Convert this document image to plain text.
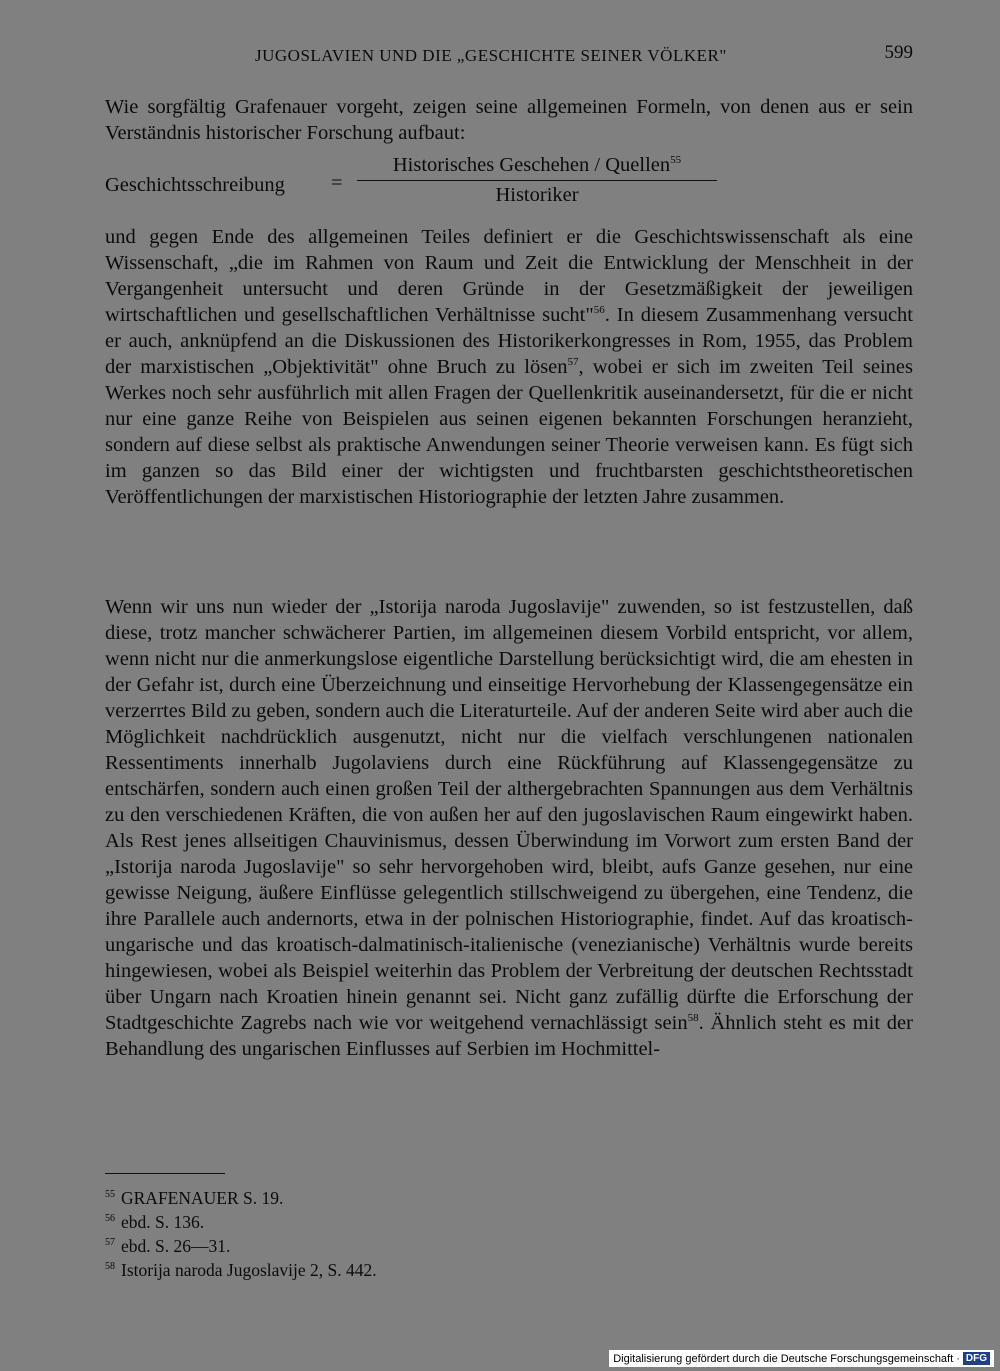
JUGOSLAVIEN UND DIE „GESCHICHTE SEINER VÖLKER"	599

Wie sorgfältig Grafenauer vorgeht, zeigen seine allgemeinen Formeln, von denen aus er sein Verständnis historischer Forschung aufbaut:

Geschichtsschreibung =
Historisches Geschehen / Quellen$^{55}$
Historiker

und gegen Ende des allgemeinen Teiles definiert er die Geschichtswissenschaft als eine Wissenschaft, „die im Rahmen von Raum und Zeit die Entwicklung der Menschheit in der Vergangenheit untersucht und deren Gründe in der Gesetzmäßigkeit der jeweiligen wirtschaftlichen und gesellschaftlichen Verhältnisse sucht"$^{56}$. In diesem Zusammenhang versucht er auch, anknüpfend an die Diskussionen des Historikerkongresses in Rom, 1955, das Problem der marxistischen „Objektivität" ohne Bruch zu lösen$^{57}$, wobei er sich im zweiten Teil seines Werkes noch sehr ausführlich mit allen Fragen der Quellenkritik auseinandersetzt, für die er nicht nur eine ganze Reihe von Beispielen aus seinen eigenen bekannten Forschungen heranzieht, sondern auf diese selbst als praktische Anwendungen seiner Theorie verweisen kann. Es fügt sich im ganzen so das Bild einer der wichtigsten und fruchtbarsten geschichtstheoretischen Veröffentlichungen der marxistischen Historiographie der letzten Jahre zusammen.

Wenn wir uns nun wieder der „Istorija naroda Jugoslavije" zuwenden, so ist festzustellen, daß diese, trotz mancher schwächerer Partien, im allgemeinen diesem Vorbild entspricht, vor allem, wenn nicht nur die anmerkungslose eigentliche Darstellung berücksichtigt wird, die am ehesten in der Gefahr ist, durch eine Überzeichnung und einseitige Hervorhebung der Klassengegensätze ein verzerrtes Bild zu geben, sondern auch die Literaturteile. Auf der anderen Seite wird aber auch die Möglichkeit nachdrücklich ausgenutzt, nicht nur die vielfach verschlungenen nationalen Ressentiments innerhalb Jugolaviens durch eine Rückführung auf Klassengegensätze zu entschärfen, sondern auch einen großen Teil der althergebrachten Spannungen aus dem Verhältnis zu den verschiedenen Kräften, die von außen her auf den jugoslavischen Raum eingewirkt haben. Als Rest jenes allseitigen Chauvinismus, dessen Überwindung im Vorwort zum ersten Band der „Istorija naroda Jugoslavije" so sehr hervorgehoben wird, bleibt, aufs Ganze gesehen, nur eine gewisse Neigung, äußere Einflüsse gelegentlich stillschweigend zu übergehen, eine Tendenz, die ihre Parallele auch andernorts, etwa in der polnischen Historiographie, findet. Auf das kroatisch-ungarische und das kroatisch-dalmatinisch-italienische (venezianische) Verhältnis wurde bereits hingewiesen, wobei als Beispiel weiterhin das Problem der Verbreitung der deutschen Rechtsstadt über Ungarn nach Kroatien hinein genannt sei. Nicht ganz zufällig dürfte die Erforschung der Stadtgeschichte Zagrebs nach wie vor weitgehend vernachlässigt sein$^{58}$. Ähnlich steht es mit der Behandlung des ungarischen Einflusses auf Serbien im Hochmittel-

$^{55}$ GRAFENAUER S. 19.
$^{56}$ ebd. S. 136.
$^{57}$ ebd. S. 26—31.
$^{58}$ Istorija naroda Jugoslavije 2, S. 442.
Digitalisierung gefördert durch die Deutsche Forschungsgemeinschaft · DFG
